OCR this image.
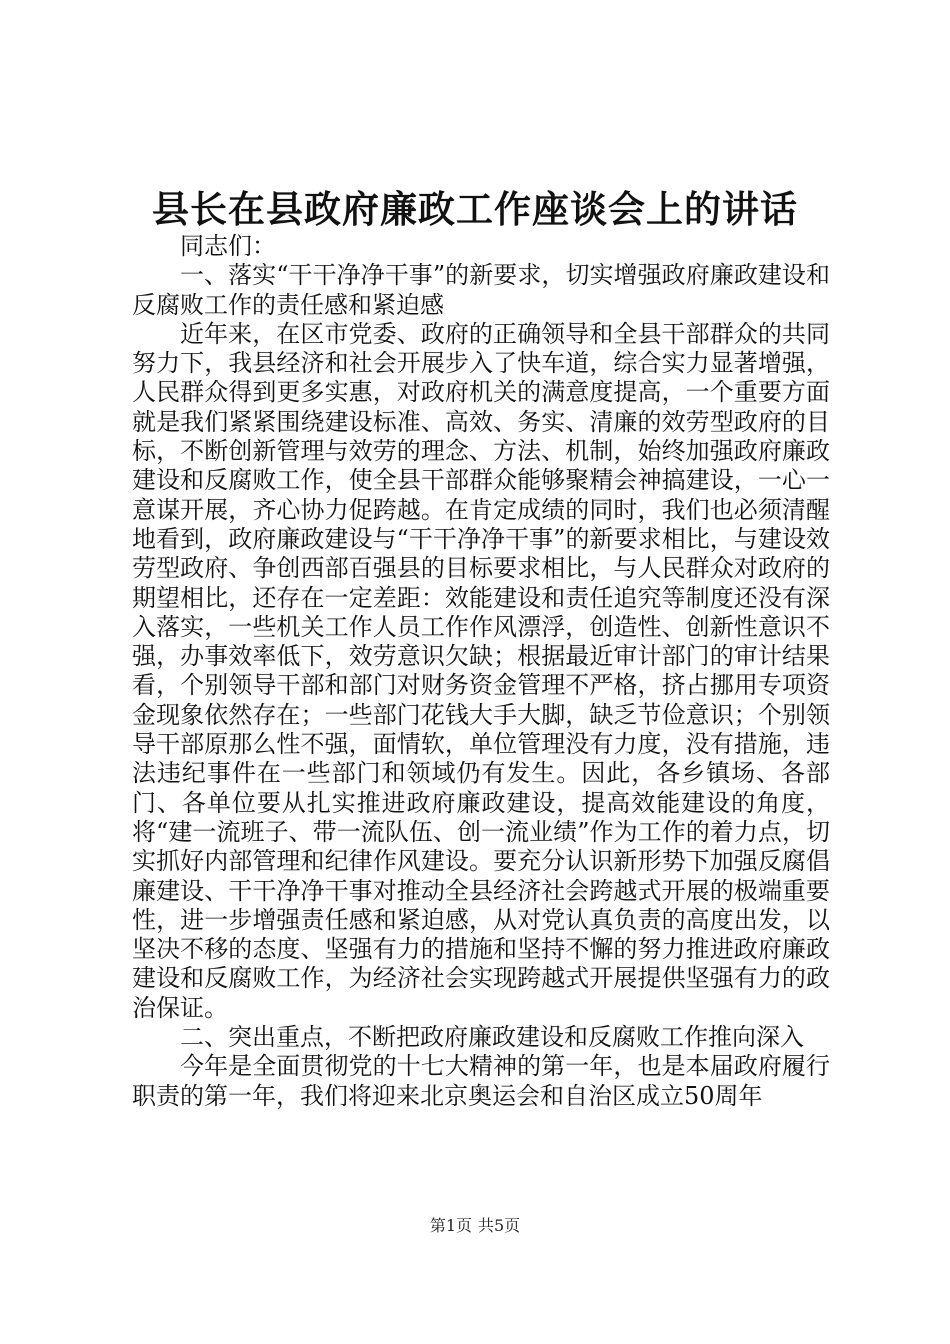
县长在县政府廉政工作座谈会上的讲话

同志们：

一、落实“干干净净干事”的新要求，切实增强政府廉政建设和反腐败工作的责任感和紧迫感

近年来，在区市党委、政府的正确领导和全县干部群众的共同努力下，我县经济和社会开展步入了快车道，综合实力显著增强，人民群众得到更多实惠，对政府机关的满意度提高，一个重要方面就是我们紧紧围绕建设标准、高效、务实、清廉的效劳型政府的目标，不断创新管理与效劳的理念、方法、机制，始终加强政府廉政建设和反腐败工作，使全县干部群众能够聚精会神搞建设，一心一意谋开展，齐心协力促跨越。在肯定成绩的同时，我们也必须清醒地看到，政府廉政建设与“干干净净干事”的新要求相比，与建设效劳型政府、争创西部百强县的目标要求相比，与人民群众对政府的期望相比，还存在一定差距：效能建设和责任追究等制度还没有深入落实，一些机关工作人员工作作风漂浮，创造性、创新性意识不强，办事效率低下，效劳意识欠缺；根据最近审计部门的审计结果看，个别领导干部和部门对财务资金管理不严格，挤占挪用专项资金现象依然存在；一些部门花钱大手大脚，缺乏节俭意识；个别领导干部原那么性不强，面情软，单位管理没有力度，没有措施，违法违纪事件在一些部门和领域仍有发生。因此，各乡镇场、各部门、各单位要从扎实推进政府廉政建设，提高效能建设的角度，将“建一流班子、带一流队伍、创一流业绩”作为工作的着力点，切实抓好内部管理和纪律作风建设。要充分认识新形势下加强反腐倡廉建设、干干净净干事对推动全县经济社会跨越式开展的极端重要性，进一步增强责任感和紧迫感，从对党认真负责的高度出发，以坚决不移的态度、坚强有力的措施和坚持不懈的努力推进政府廉政建设和反腐败工作，为经济社会实现跨越式开展提供坚强有力的政治保证。

二、突出重点，不断把政府廉政建设和反腐败工作推向深入

今年是全面贯彻党的十七大精神的第一年，也是本届政府履行职责的第一年，我们将迎来北京奥运会和自治区成立50周年

第1页 共5页
